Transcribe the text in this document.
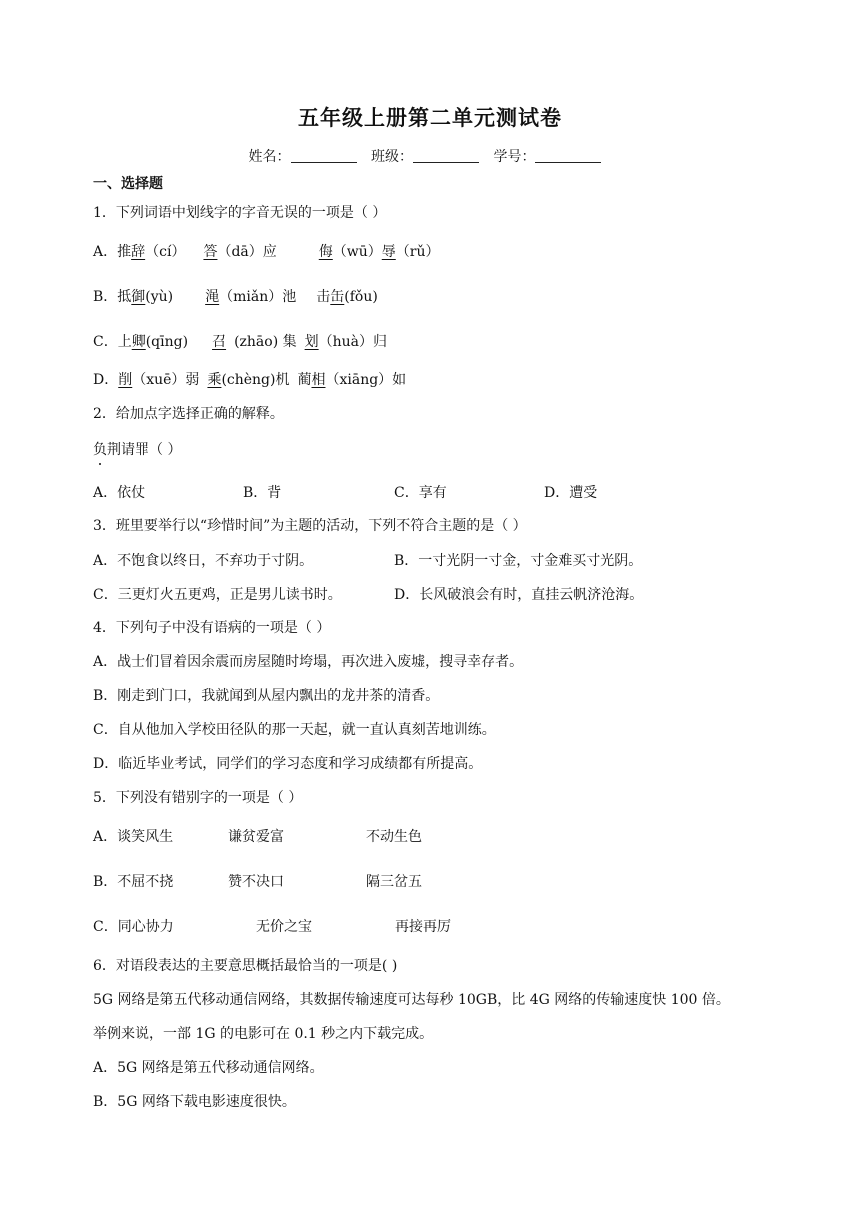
五年级上册第二单元测试卷
姓名：	班级：	学号：
一、选择题
1．下列词语中划线字的字音无误的一项是（ ）
A．推辞（cí） 答（dā）应	侮（wū）辱（rǔ）
B．抵御(yù) 渑（miǎn）池 击缶(fǒu)
C．上卿(qīng) 召 (zhāo) 集 划（huà）归
D．削（xuē）弱 乘(chèng)机 蔺相（xiāng）如
2．给加点字选择正确的解释。
负荆请罪（ ）
A．依仗	B．背	C．享有	D．遭受
3．班里要举行以“珍惜时间”为主题的活动，下列不符合主题的是（ ）
A．不饱食以终日，不弃功于寸阴。	B．一寸光阴一寸金，寸金难买寸光阴。
C．三更灯火五更鸡，正是男儿读书时。	D．长风破浪会有时，直挂云帆济沧海。
4．下列句子中没有语病的一项是（ ）
A．战士们冒着因余震而房屋随时垮塌，再次进入废墟，搜寻幸存者。
B．刚走到门口，我就闻到从屋内飘出的龙井茶的清香。
C．自从他加入学校田径队的那一天起，就一直认真刻苦地训练。
D．临近毕业考试，同学们的学习态度和学习成绩都有所提高。
5．下列没有错别字的一项是（ ）
A．谈笑风生	谦贫爱富	不动生色
B．不屈不挠	赞不决口	隔三岔五
C．同心协力	无价之宝	再接再厉
6．对语段表达的主要意思概括最恰当的一项是( )
5G 网络是第五代移动通信网络，其数据传输速度可达每秒 10GB，比 4G 网络的传输速度快 100 倍。
举例来说，一部 1G 的电影可在 0.1 秒之内下载完成。
A．5G 网络是第五代移动通信网络。
B．5G 网络下载电影速度很快。
